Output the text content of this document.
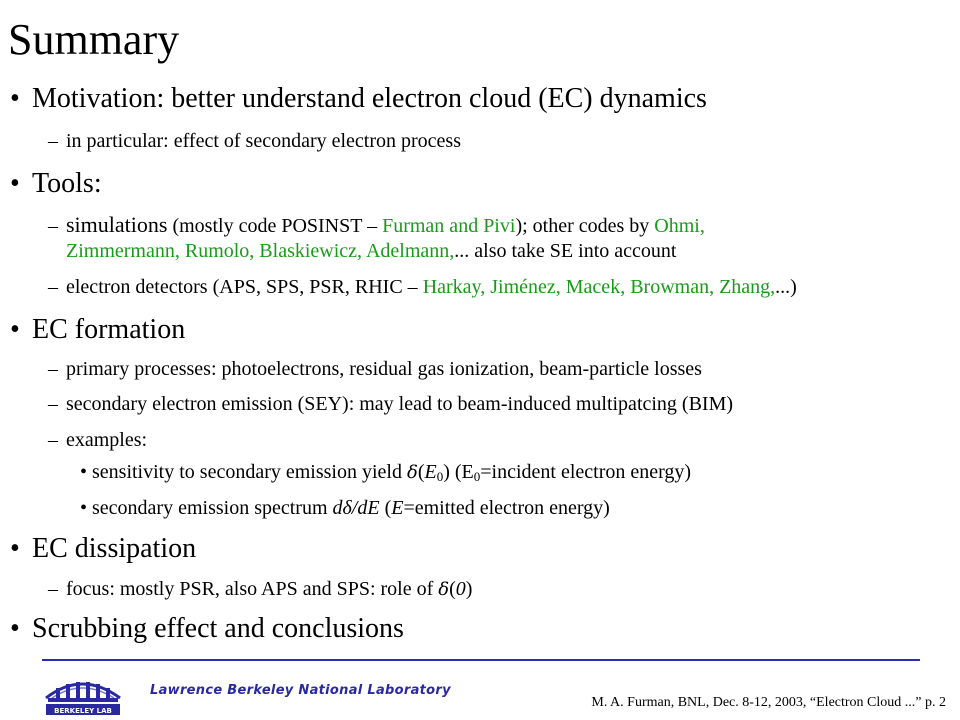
Summary
• Motivation: better understand electron cloud (EC) dynamics
– in particular: effect of secondary electron process
• Tools:
– simulations (mostly code POSINST – Furman and Pivi); other codes by Ohmi,
Zimmermann, Rumolo, Blaskiewicz, Adelmann,... also take SE into account
– electron detectors (APS, SPS, PSR, RHIC – Harkay, Jiménez, Macek, Browman, Zhang,...)
• EC formation
– primary processes: photoelectrons, residual gas ionization, beam-particle losses
– secondary electron emission (SEY): may lead to beam-induced multipatcing (BIM)
– examples:
• sensitivity to secondary emission yield $\delta(E_0)$ ($E_0=incident$ electron energy)
• secondary emission spectrum dδ/dE (E=emitted electron energy)
• EC dissipation
– focus: mostly PSR, also APS and SPS: role of δ(0)
• Scrubbing effect and conclusions
BERKELEY LAB
Lawrence Berkeley National Laboratory
M. A. Furman, BNL, Dec. 8-12, 2003, “Electron Cloud ...” p. 2
